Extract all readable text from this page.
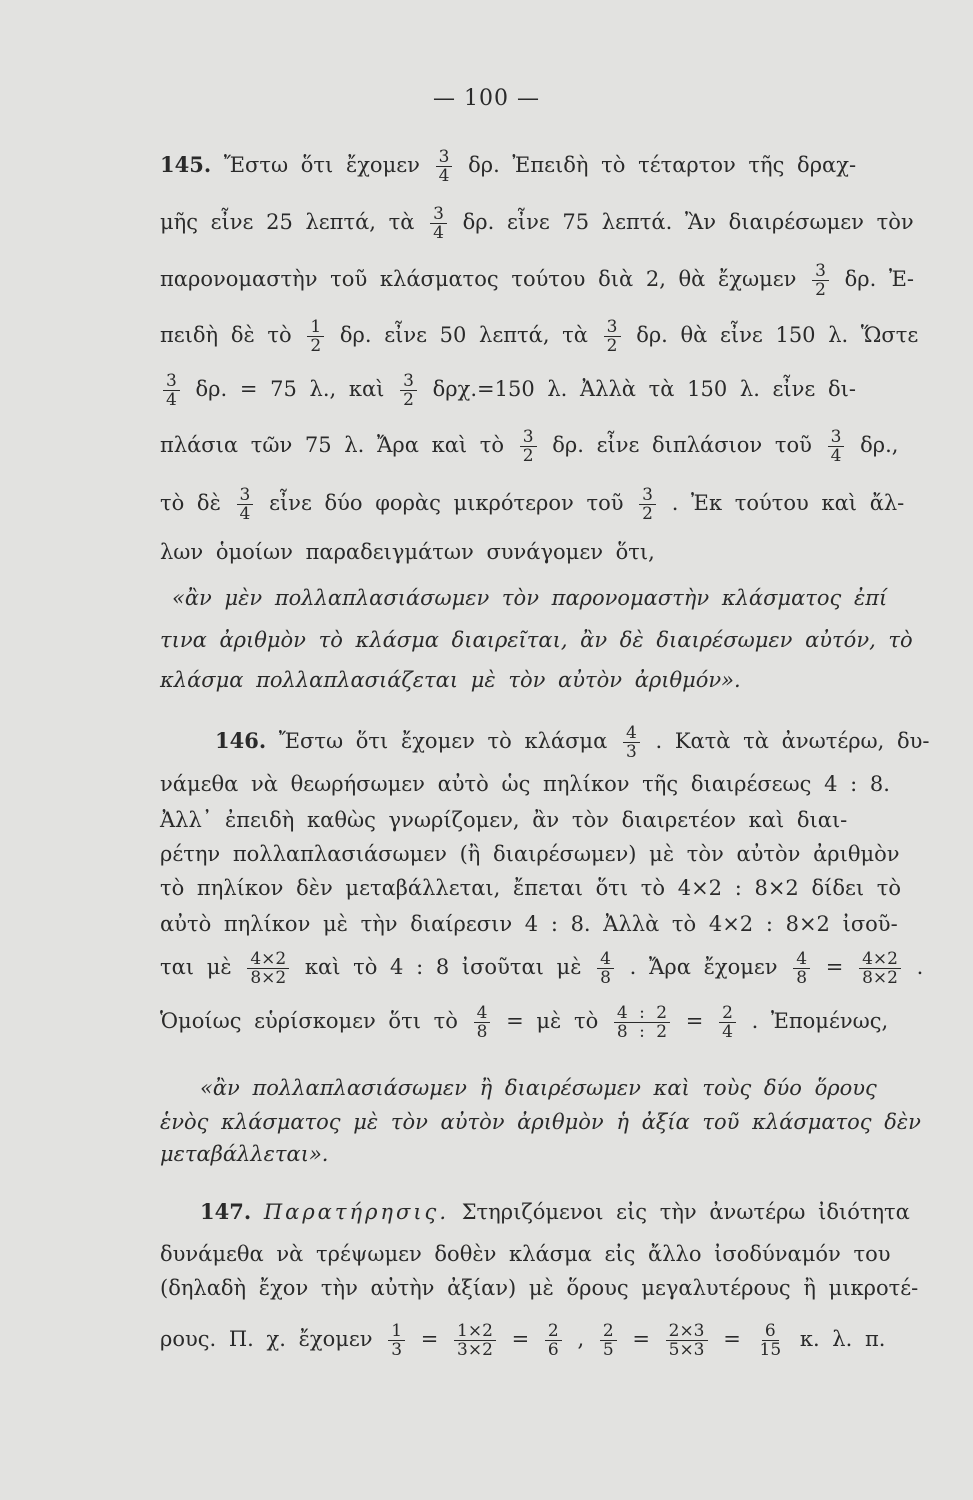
— 100 —
145. Ἔστω ὅτι ἔχομεν $\frac{3}{4} \delta\rho$. Ἐπειδὴ τὸ τέταρτον τῆς δραχ-
μῆς εἶνε 25 λεπτά, τὰ $\frac{3}{4} \delta\rho$. εἶνε 75 λεπτά. Ἂν διαιρέσωμεν τὸν
παρονομαστὴν τοῦ κλάσματος τούτου διὰ 2, θὰ ἔχωμεν $\frac{3}{2} \delta\rho$. Ἐ-
πειδὴ δὲ τὸ $\frac{1}{2} \delta\rho$. εἶνε 50 λεπτά, τὰ $\frac{3}{2} \delta\rho$. θὰ εἶνε 150 λ. Ὥστε
$\frac{3}{4} \delta\rho$. = 75 λ., καὶ $\frac{3}{2} \delta\rho\chi.=150$ λ. Ἀλλὰ τὰ 150 λ. εἶνε δι-
πλάσια τῶν 75 λ. Ἄρα καὶ τὸ $\frac{3}{2} \delta\rho$. εἶνε διπλάσιον τοῦ $\frac{3}{4} \delta\rho$.,
τὸ δὲ $\frac{3}{4}$ εἶνε δύο φορὰς μικρότερον τοῦ $\frac{3}{2}$ . Ἐκ τούτου καὶ ἄλ-
λων ὁμοίων παραδειγμάτων συνάγομεν ὅτι,
«ἂν μὲν πολλαπλασιάσωμεν τὸν παρονομαστὴν κλάσματος ἐπί
τινα ἀριθμὸν τὸ κλάσμα διαιρεῖται, ἂν δὲ διαιρέσωμεν αὐτόν, τὸ
κλάσμα πολλαπλασιάζεται μὲ τὸν αὐτὸν ἀριθμόν».
146. Ἔστω ὅτι ἔχομεν τὸ κλάσμα $\frac{4}{3}$ . Κατὰ τὰ ἀνωτέρω, δυ-
νάμεθα νὰ θεωρήσωμεν αὐτὸ ὡς πηλίκον τῆς διαιρέσεως 4 : 8.
Ἀλλ᾽ ἐπειδὴ καθὼς γνωρίζομεν, ἂν τὸν διαιρετέον καὶ διαι-
ρέτην πολλαπλασιάσωμεν (ἢ διαιρέσωμεν) μὲ τὸν αὐτὸν ἀριθμὸν
τὸ πηλίκον δὲν μεταβάλλεται, ἔπεται ὅτι τὸ 4×2 : 8×2 δίδει τὸ
αὐτὸ πηλίκον μὲ τὴν διαίρεσιν 4 : 8. Ἀλλὰ τὸ 4×2 : 8×2 ἰσοῦ-
ται μὲ $\frac{4\times 2}{8\times 2}$ καὶ τὸ 4 : 8 ἰσοῦται μὲ $\frac{4}{8}$ . Ἄρα ἔχομεν $\frac{4}{8} = \frac{4\times 2}{8\times 2}$ .
Ὁμοίως εὑρίσκομεν ὅτι τὸ $\frac{4}{8}$ = μὲ τὸ $\frac{4 : 2}{8 : 2} = \frac{2}{4}$ . Ἐπομένως,
«ἂν πολλαπλασιάσωμεν ἢ διαιρέσωμεν καὶ τοὺς δύο ὅρους
ἑνὸς κλάσματος μὲ τὸν αὐτὸν ἀριθμὸν ἡ ἀξία τοῦ κλάσματος δὲν
μεταβάλλεται».
147. Παρατήρησις. Στηριζόμενοι εἰς τὴν ἀνωτέρω ἰδιότητα
δυνάμεθα νὰ τρέψωμεν δοθὲν κλάσμα εἰς ἄλλο ἰσοδύναμόν του
(δηλαδὴ ἔχον τὴν αὐτὴν ἀξίαν) μὲ ὅρους μεγαλυτέρους ἢ μικροτέ-
ρους. Π. χ. ἔχομεν $\frac{1}{3} = \frac{1\times 2}{3\times 2} = \frac{2}{6}$ , $\frac{2}{5} = \frac{2\times 3}{5\times 3} = \frac{6}{15} \kappa$. λ. π.
